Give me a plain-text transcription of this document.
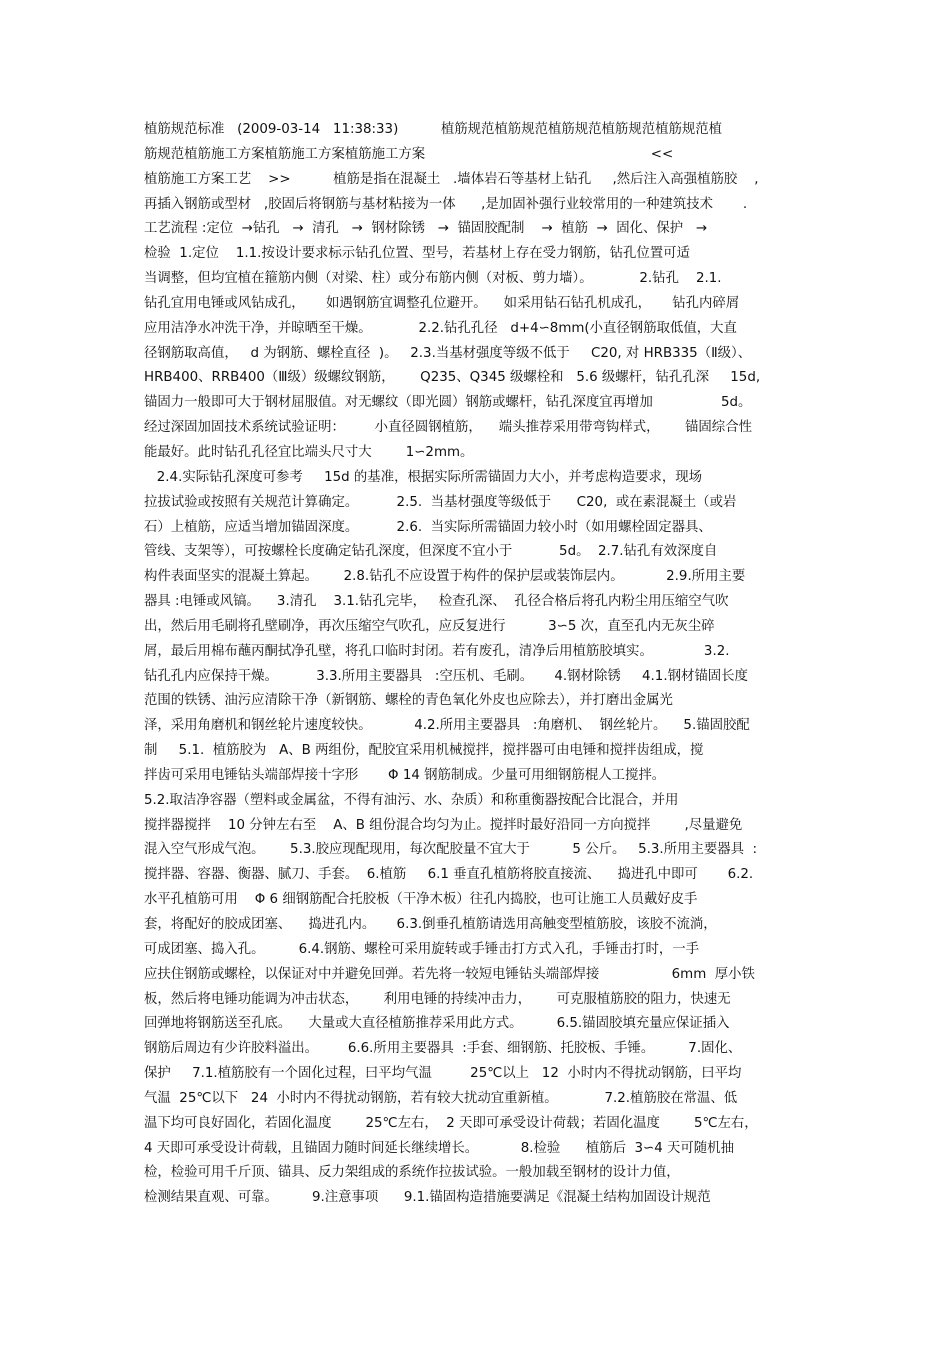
植筋规范标准   (2009-03-14   11:38:33)          植筋规范植筋规范植筋规范植筋规范植筋规范植
筋规范植筋施工方案植筋施工方案植筋施工方案                                                     <<
植筋施工方案工艺    >>          植筋是指在混凝土   .墙体岩石等基材上钻孔     ,然后注入高强植筋胶    ,
再插入钢筋或型材   ,胶固后将钢筋与基材粘接为一体      ,是加固补强行业较常用的一种建筑技术       .
工艺流程 :定位  →钻孔   →  清孔   →  钢材除锈   →  锚固胶配制    →  植筋  →  固化、保护   →
检验  1.定位    1.1.按设计要求标示钻孔位置、型号，若基材上存在受力钢筋，钻孔位置可适
当调整，但均宜植在箍筋内侧（对梁、柱）或分布筋内侧（对板、剪力墙）。           2.钻孔    2.1.
钻孔宜用电锤或风钻成孔，     如遇钢筋宜调整孔位避开。    如采用钻石钻孔机成孔，     钻孔内碎屑
应用洁净水冲洗干净，并晾晒至干燥。           2.2.钻孔孔径   d+4∽8mm(小直径钢筋取低值，大直
径钢筋取高值，   d 为钢筋、螺栓直径  )。   2.3.当基材强度等级不低于     C20, 对 HRB335（Ⅱ级）、
HRB400、RRB400（Ⅲ级）级螺纹钢筋，      Q235、Q345 级螺栓和   5.6 级螺杆，钻孔孔深     15d,
锚固力一般即可大于钢材屈服值。对无螺纹（即光圆）钢筋或螺杆，钻孔深度宜再增加                5d。
经过深固加固技术系统试验证明：       小直径圆钢植筋，    端头推荐采用带弯钩样式，      锚固综合性
能最好。此时钻孔孔径宜比端头尺寸大        1∽2mm。
2.4.实际钻孔深度可参考     15d 的基准，根据实际所需锚固力大小，并考虑构造要求，现场
拉拔试验或按照有关规范计算确定。         2.5.  当基材强度等级低于      C20,  或在素混凝土（或岩
石）上植筋，应适当增加锚固深度。         2.6.  当实际所需锚固力较小时（如用螺栓固定器具、
管线、支架等），可按螺栓长度确定钻孔深度，但深度不宜小于           5d。  2.7.钻孔有效深度自
构件表面坚实的混凝土算起。      2.8.钻孔不应设置于构件的保护层或装饰层内。          2.9.所用主要
器具 :电锤或风镐。    3.清孔    3.1.钻孔完毕，   检查孔深、  孔径合格后将孔内粉尘用压缩空气吹
出，然后用毛刷将孔壁刷净，再次压缩空气吹孔，应反复进行          3∽5 次，直至孔内无灰尘碎
屑，最后用棉布蘸丙酮拭净孔壁，将孔口临时封闭。若有废孔，清净后用植筋胶填实。            3.2.
钻孔孔内应保持干燥。         3.3.所用主要器具   :空压机、毛刷。     4.钢材除锈     4.1.钢材锚固长度
范围的铁锈、油污应清除干净（新钢筋、螺栓的青色氧化外皮也应除去），并打磨出金属光
泽，采用角磨机和钢丝轮片速度较快。          4.2.所用主要器具   :角磨机、  钢丝轮片。    5.锚固胶配
制     5.1.  植筋胶为   A、B 两组份，配胶宜采用机械搅拌，搅拌器可由电锤和搅拌齿组成，搅
拌齿可采用电锤钻头端部焊接十字形       Φ 14 钢筋制成。少量可用细钢筋棍人工搅拌。
5.2.取洁净容器（塑料或金属盆，不得有油污、水、杂质）和称重衡器按配合比混合，并用
搅拌器搅拌    10 分钟左右至    A、B 组份混合均匀为止。搅拌时最好沿同一方向搅拌        ,尽量避免
混入空气形成气泡。      5.3.胶应现配现用，每次配胶量不宜大于          5 公斤。   5.3.所用主要器具  :
搅拌器、容器、衡器、腻刀、手套。  6.植筋     6.1 垂直孔植筋将胶直接流、    捣进孔中即可       6.2.
水平孔植筋可用    Φ 6 细钢筋配合托胶板（干净木板）往孔内捣胶，也可让施工人员戴好皮手
套，将配好的胶成团塞、    捣进孔内。     6.3.倒垂孔植筋请选用高触变型植筋胶，该胶不流淌，
可成团塞、捣入孔。        6.4.钢筋、螺栓可采用旋转或手锤击打方式入孔，手锤击打时，一手
应扶住钢筋或螺栓，以保证对中并避免回弹。若先将一较短电锤钻头端部焊接                 6mm  厚小铁
板，然后将电锤功能调为冲击状态，      利用电锤的持续冲击力，      可克服植筋胶的阻力，快速无
回弹地将钢筋送至孔底。    大量或大直径植筋推荐采用此方式。        6.5.锚固胶填充量应保证插入
钢筋后周边有少许胶料溢出。       6.6.所用主要器具  :手套、细钢筋、托胶板、手锤。        7.固化、
保护     7.1.植筋胶有一个固化过程，曰平均气温         25℃以上   12  小时内不得扰动钢筋，曰平均
气温  25℃以下   24  小时内不得扰动钢筋，若有较大扰动宜重新植。           7.2.植筋胶在常温、低
温下均可良好固化，若固化温度        25℃左右，  2 天即可承受设计荷载；若固化温度        5℃左右，
4 天即可承受设计荷载，且锚固力随时间延长继续增长。          8.检验      植筋后  3∽4 天可随机抽
检，检验可用千斤顶、锚具、反力架组成的系统作拉拔试验。一般加载至钢材的设计力值，
检测结果直观、可靠。        9.注意事项      9.1.锚固构造措施要满足《混凝土结构加固设计规范
